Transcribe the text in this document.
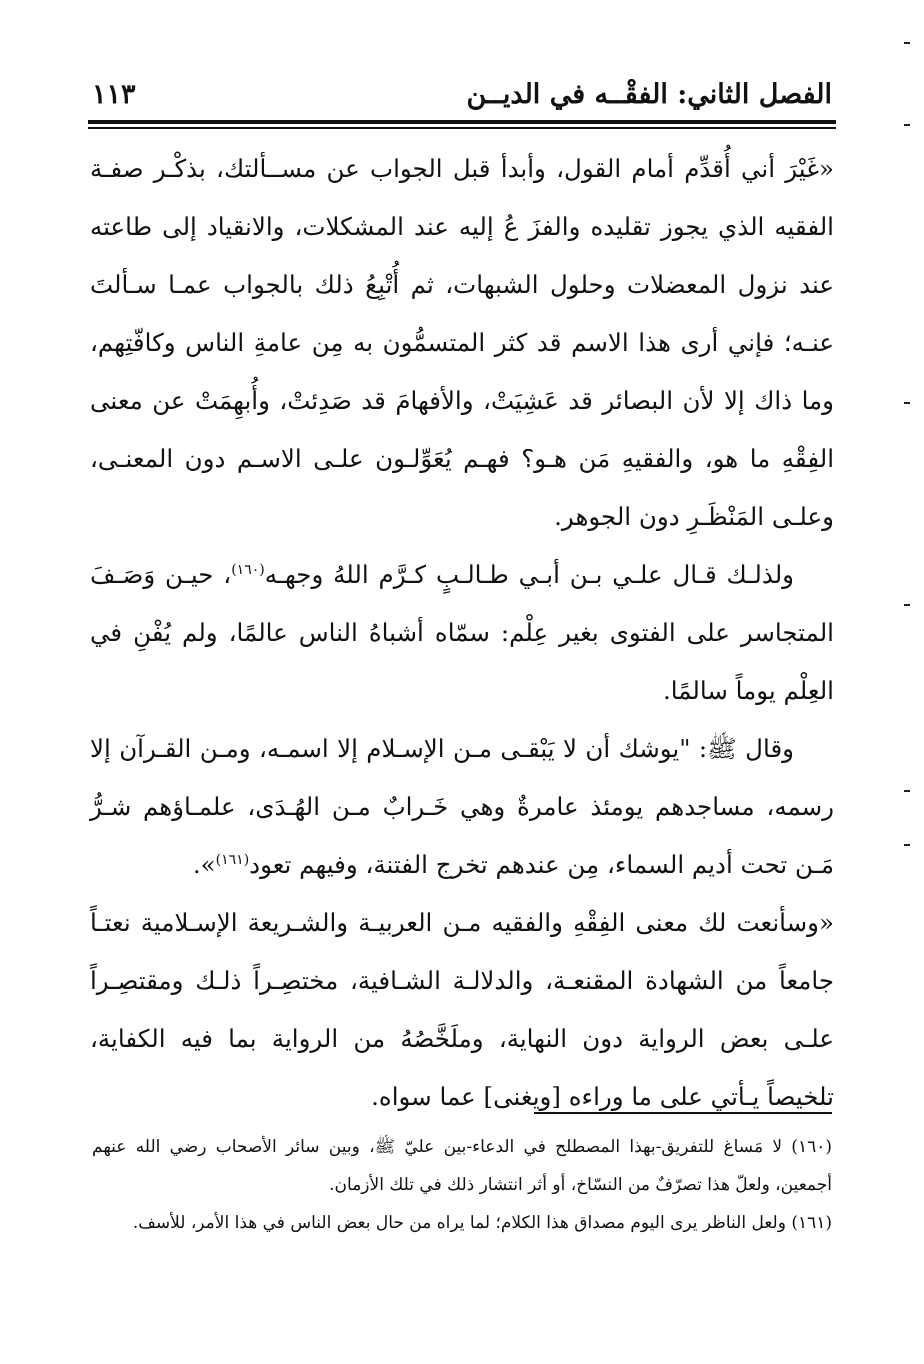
الفصل الثاني: الفقْــه في الديــن
١١٣

«غَيْرَ أني أُقدِّم أمام القول، وأبدأ قبل الجواب عن مســألتك، بذكْـر صفـة الفقيه الذي يجوز تقليده والفزَ عُ إليه عند المشكلات، والانقياد إلى طاعته عند نزول المعضلات وحلول الشبهات، ثم أُتْبِعُ ذلك بالجواب عمـا سـألتَ عنـه؛ فإني أرى هذا الاسم قد كثر المتسمُّون به مِن عامةِ الناس وكافّتِهم، وما ذاك إلا لأن البصائر قد عَشِيَتْ، والأفهامَ قد صَدِئتْ، وأُبهِمَتْ عن معنى الفِقْهِ ما هو، والفقيهِ مَن هـو؟ فهـم يُعَوِّلـون علـى الاسـم دون المعنـى، وعلـى المَنْظَـرِ دون الجوهر.

ولذلـك قـال علـي بـن أبـي طـالـبٍ كـرَّم اللهُ وجهـه$^{(١٦٠)}$، حيـن وَصَـفَ المتجاسر على الفتوى بغير عِلْم: سمّاه أشباهُ الناس عالمًا، ولم يُفْنِ في العِلْم يوماً سالمًا.

وقال ﷺ: "يوشك أن لا يَبْقـى مـن الإسـلام إلا اسمـه، ومـن القـرآن إلا رسمه، مساجدهم يومئذ عامرةٌ وهي خَـرابٌ مـن الهُـدَى، علمـاؤهم شـرُّ مَـن تحت أديم السماء، مِن عندهم تخرج الفتنة، وفيهم تعود$^{(١٦١)}$».

«وسأنعت لك معنى الفِقْهِ والفقيه مـن العربيـة والشـريعة الإسـلامية نعتـاً جامعاً من الشهادة المقنعـة، والدلالـة الشـافية، مختصِـراً ذلـك ومقتصِـراً علـى بعض الرواية دون النهاية، وملَخَّصُهُ من الرواية بما فيه الكفاية، تلخيصاً يـأتي على ما وراءه [ويغنى] عما سواه.

(١٦٠) لا مَساغ للتفريق-بهذا المصطلح في الدعاء-بين عليّ ﷺ، وبين سائر الأصحاب رضي الله عنهم أجمعين، ولعلّ هذا تصرّفٌ من النسّاخ، أو أثر انتشار ذلك في تلك الأزمان.

(١٦١) ولعل الناظر يرى اليوم مصداق هذا الكلام؛ لما يراه من حال بعض الناس في هذا الأمر، للأسف.
